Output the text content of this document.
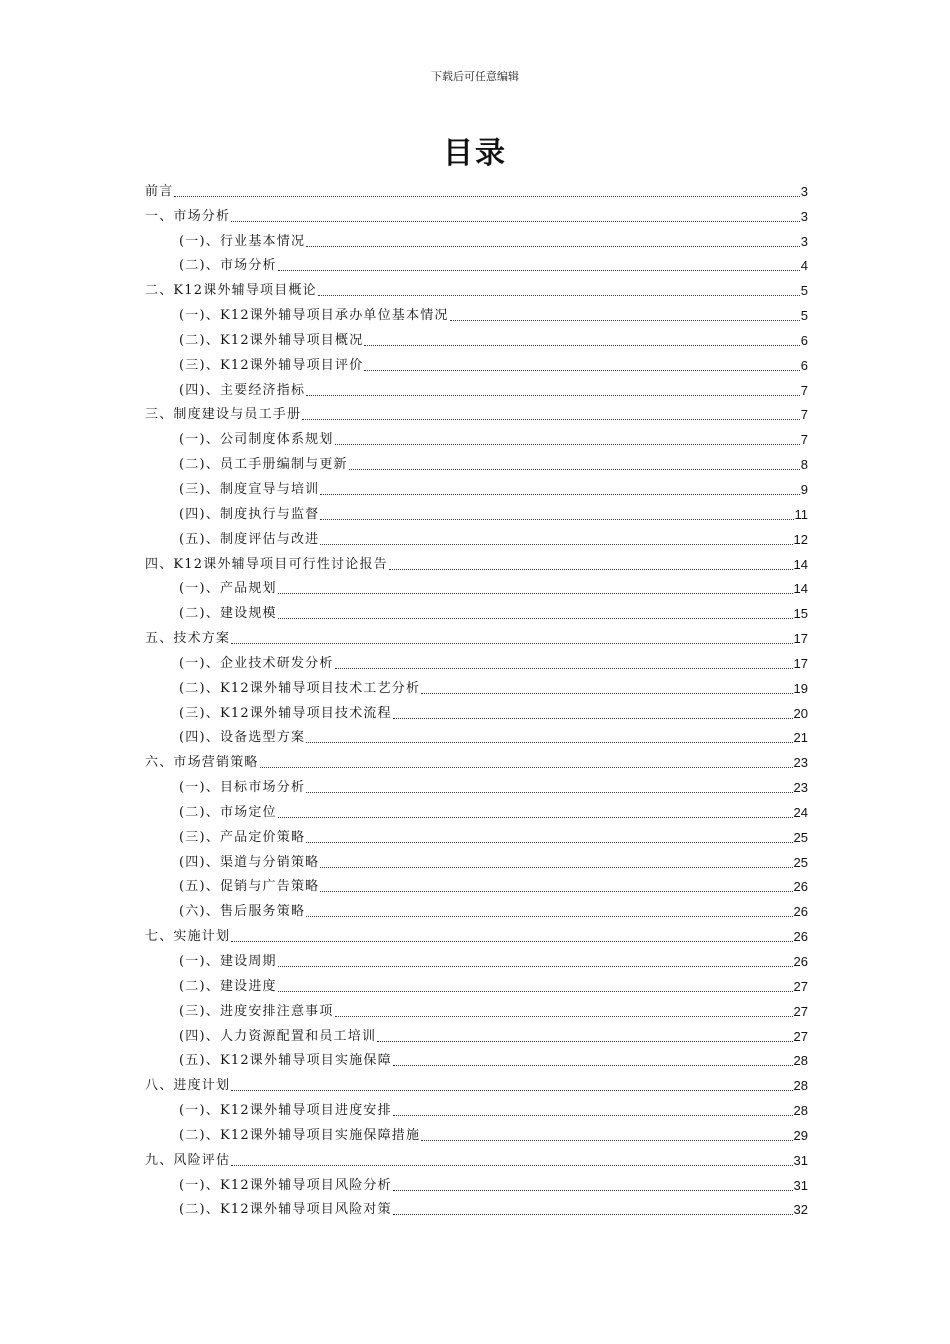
下载后可任意编辑
目录
前言	3
一、市场分析	3
(一)、行业基本情况	3
(二)、市场分析	4
二、K12课外辅导项目概论	5
(一)、K12课外辅导项目承办单位基本情况	5
(二)、K12课外辅导项目概况	6
(三)、K12课外辅导项目评价	6
(四)、主要经济指标	7
三、制度建设与员工手册	7
(一)、公司制度体系规划	7
(二)、员工手册编制与更新	8
(三)、制度宣导与培训	9
(四)、制度执行与监督	11
(五)、制度评估与改进	12
四、K12课外辅导项目可行性讨论报告	14
(一)、产品规划	14
(二)、建设规模	15
五、技术方案	17
(一)、企业技术研发分析	17
(二)、K12课外辅导项目技术工艺分析	19
(三)、K12课外辅导项目技术流程	20
(四)、设备选型方案	21
六、市场营销策略	23
(一)、目标市场分析	23
(二)、市场定位	24
(三)、产品定价策略	25
(四)、渠道与分销策略	25
(五)、促销与广告策略	26
(六)、售后服务策略	26
七、实施计划	26
(一)、建设周期	26
(二)、建设进度	27
(三)、进度安排注意事项	27
(四)、人力资源配置和员工培训	27
(五)、K12课外辅导项目实施保障	28
八、进度计划	28
(一)、K12课外辅导项目进度安排	28
(二)、K12课外辅导项目实施保障措施	29
九、风险评估	31
(一)、K12课外辅导项目风险分析	31
(二)、K12课外辅导项目风险对策	32
